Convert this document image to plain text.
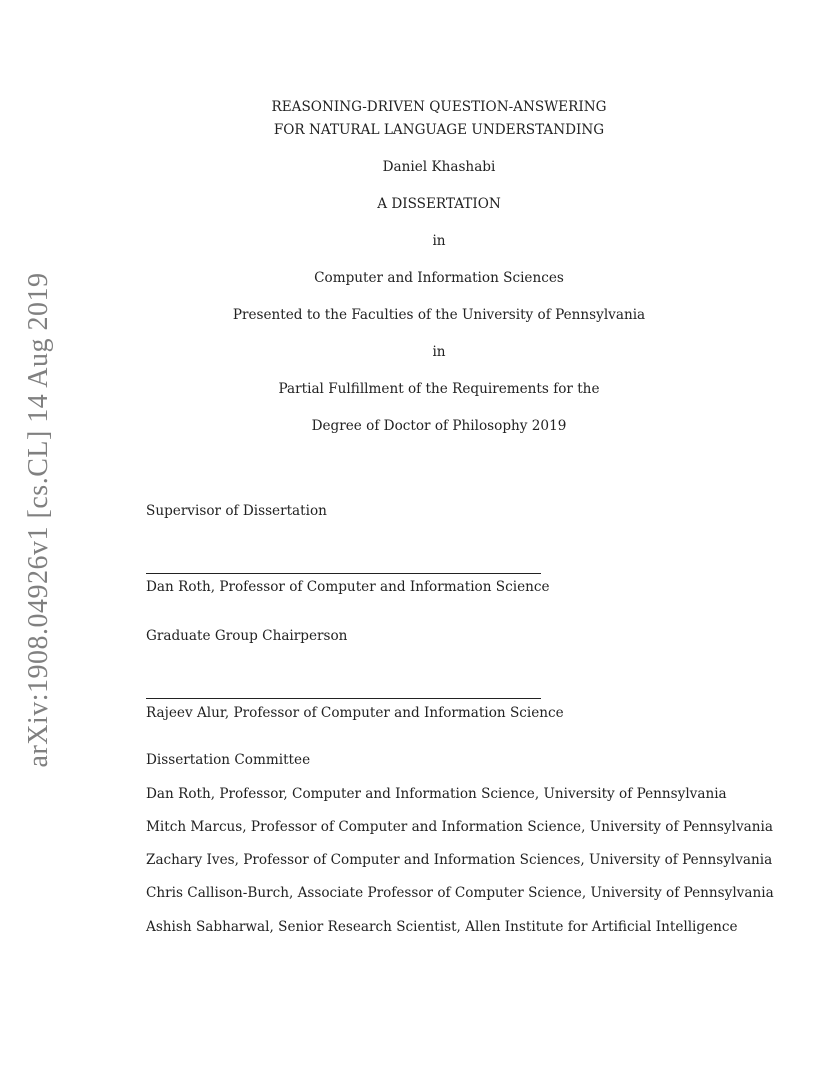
arXiv:1908.04926v1 [cs.CL] 14 Aug 2019
REASONING-DRIVEN QUESTION-ANSWERING
FOR NATURAL LANGUAGE UNDERSTANDING
Daniel Khashabi
A DISSERTATION
in
Computer and Information Sciences
Presented to the Faculties of the University of Pennsylvania
in
Partial Fulfillment of the Requirements for the
Degree of Doctor of Philosophy 2019
Supervisor of Dissertation
Dan Roth, Professor of Computer and Information Science
Graduate Group Chairperson
Rajeev Alur, Professor of Computer and Information Science
Dissertation Committee
Dan Roth, Professor, Computer and Information Science, University of Pennsylvania
Mitch Marcus, Professor of Computer and Information Science, University of Pennsylvania
Zachary Ives, Professor of Computer and Information Sciences, University of Pennsylvania
Chris Callison-Burch, Associate Professor of Computer Science, University of Pennsylvania
Ashish Sabharwal, Senior Research Scientist, Allen Institute for Artificial Intelligence
